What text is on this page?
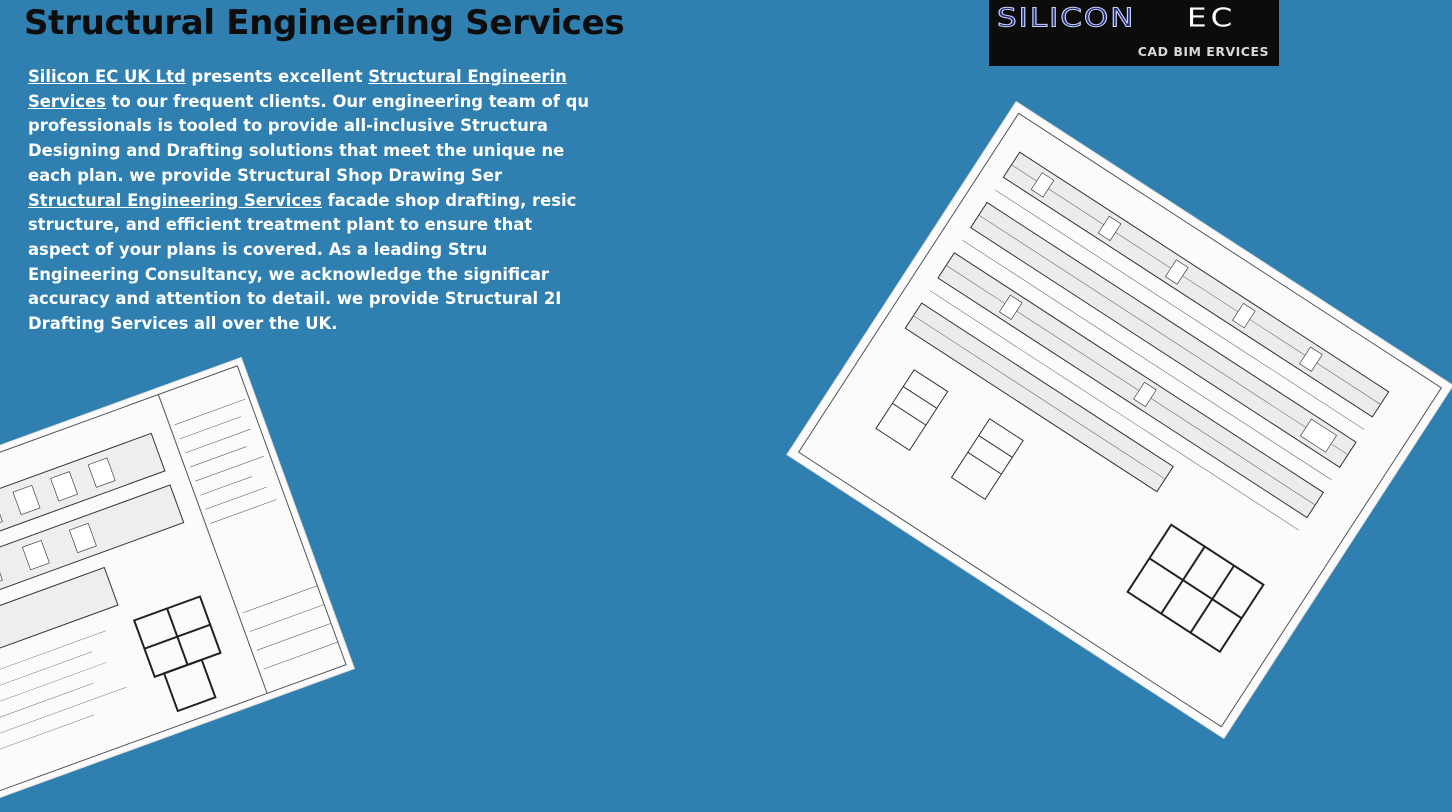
Structural Engineering Services
Silicon EC UK Ltd presents excellent Structural Engineerin
Services to our frequent clients. Our engineering team of qu
professionals is tooled to provide all-inclusive Structura
Designing and Drafting solutions that meet the unique ne
each plan. we provide Structural Shop Drawing Ser
Structural Engineering Services facade shop drafting, resic
structure, and efficient treatment plant to ensure that
aspect of your plans is covered. As a leading Stru
Engineering Consultancy, we acknowledge the significar
accuracy and attention to detail. we provide Structural 2I
Drafting Services all over the UK.
SILICON EC
CAD BIM ERVICES
